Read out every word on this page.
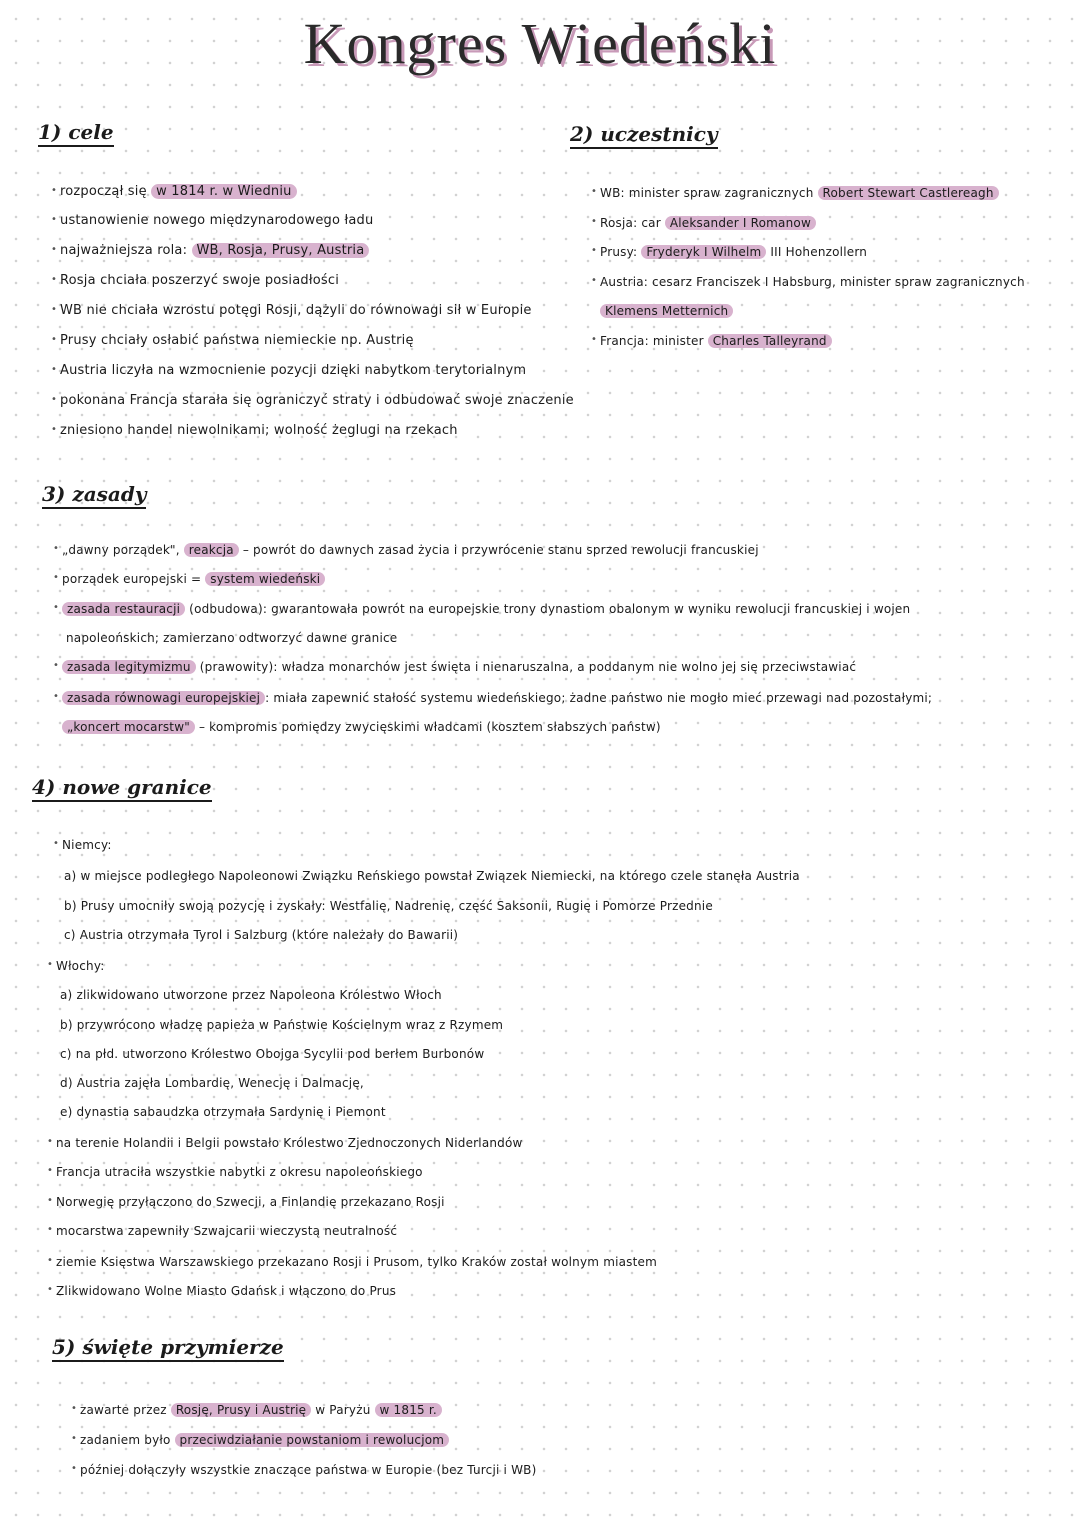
Kongres Wiedeński
1) cele
• rozpoczął się w 1814 r. w Wiedniu
• ustanowienie nowego międzynarodowego ładu
• najważniejsza rola: WB, Rosja, Prusy, Austria
• Rosja chciała poszerzyć swoje posiadłości
• WB nie chciała wzrostu potęgi Rosji, dążyli do równowagi sił w Europie
• Prusy chciały osłabić państwa niemieckie np. Austrię
• Austria liczyła na wzmocnienie pozycji dzięki nabytkom terytorialnym
• pokonana Francja starała się ograniczyć straty i odbudować swoje znaczenie
• zniesiono handel niewolnikami; wolność żeglugi na rzekach
2) uczestnicy
• WB: minister spraw zagranicznych Robert Stewart Castlereagh
• Rosja: car Aleksander I Romanow
• Prusy: Fryderyk I Wilhelm III Hohenzollern
• Austria: cesarz Franciszek I Habsburg, minister spraw zagranicznych
Klemens Metternich
• Francja: minister Charles Talleyrand
3) zasady
• „dawny porządek", reakcja – powrót do dawnych zasad życia i przywrócenie stanu sprzed rewolucji francuskiej
• porządek europejski = system wiedeński
• zasada restauracji (odbudowa): gwarantowała powrót na europejskie trony dynastiom obalonym w wyniku rewolucji francuskiej i wojen
napoleońskich; zamierzano odtworzyć dawne granice
• zasada legitymizmu (prawowity): władza monarchów jest święta i nienaruszalna, a poddanym nie wolno jej się przeciwstawiać
• zasada równowagi europejskiej : miała zapewnić stałość systemu wiedeńskiego; żadne państwo nie mogło mieć przewagi nad pozostałymi;
„koncert mocarstw" – kompromis pomiędzy zwycięskimi władcami (kosztem słabszych państw)
4) nowe granice
• Niemcy:
a) w miejsce podległego Napoleonowi Związku Reńskiego powstał Związek Niemiecki, na którego czele stanęła Austria
b) Prusy umocniły swoją pozycję i zyskały: Westfalię, Nadrenię, część Saksonii, Rugię i Pomorze Przednie
c) Austria otrzymała Tyrol i Salzburg (które należały do Bawarii)
• Włochy:
a) zlikwidowano utworzone przez Napoleona Królestwo Włoch
b) przywrócono władzę papieża w Państwie Kościelnym wraz z Rzymem
c) na płd. utworzono Królestwo Obojga Sycylii pod berłem Burbonów
d) Austria zajęła Lombardię, Wenecję i Dalmację,
e) dynastia sabaudzka otrzymała Sardynię i Piemont
• na terenie Holandii i Belgii powstało Królestwo Zjednoczonych Niderlandów
• Francja utraciła wszystkie nabytki z okresu napoleońskiego
• Norwegię przyłączono do Szwecji, a Finlandię przekazano Rosji
• mocarstwa zapewniły Szwajcarii wieczystą neutralność
• ziemie Księstwa Warszawskiego przekazano Rosji i Prusom, tylko Kraków został wolnym miastem
• Zlikwidowano Wolne Miasto Gdańsk i włączono do Prus
5) święte przymierze
• zawarte przez Rosję, Prusy i Austrię w Paryżu w 1815 r.
• zadaniem było przeciwdziałanie powstaniom i rewolucjom
• później dołączyły wszystkie znaczące państwa w Europie (bez Turcji i WB)
